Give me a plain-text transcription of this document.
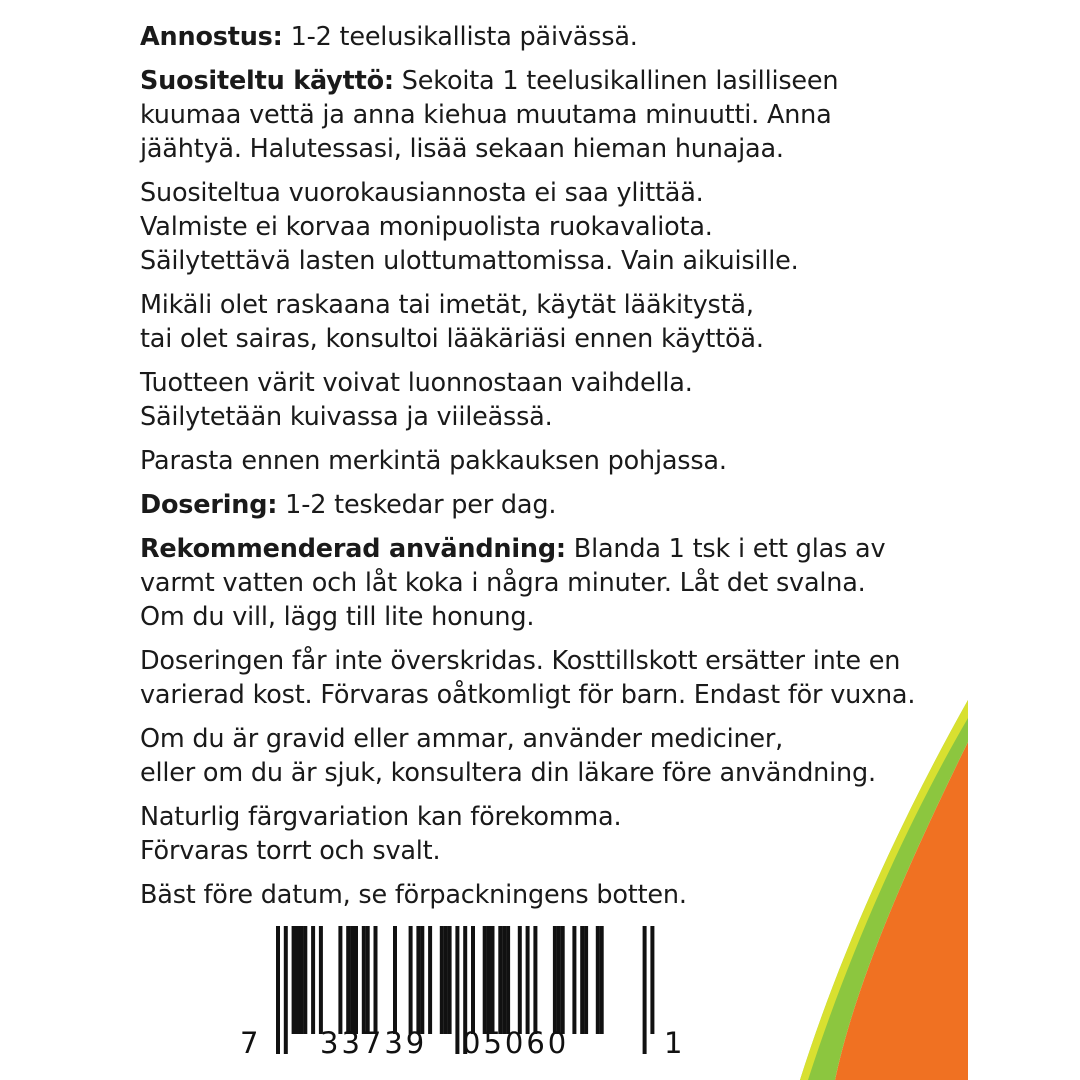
Annostus: 1-2 teelusikallista päivässä.

Suositeltu käyttö: Sekoita 1 teelusikallinen lasilliseen
kuumaa vettä ja anna kiehua muutama minuutti. Anna
jäähtyä. Halutessasi, lisää sekaan hieman hunajaa.

Suositeltua vuorokausiannosta ei saa ylittää.
Valmiste ei korvaa monipuolista ruokavaliota.
Säilytettävä lasten ulottumattomissa. Vain aikuisille.

Mikäli olet raskaana tai imetät, käytät lääkitystä,
tai olet sairas, konsultoi lääkäriäsi ennen käyttöä.

Tuotteen värit voivat luonnostaan vaihdella.
Säilytetään kuivassa ja viileässä.

Parasta ennen merkintä pakkauksen pohjassa.

Dosering: 1-2 teskedar per dag.

Rekommenderad användning: Blanda 1 tsk i ett glas av
varmt vatten och låt koka i några minuter. Låt det svalna.
Om du vill, lägg till lite honung.

Doseringen får inte överskridas. Kosttillskott ersätter inte en
varierad kost. Förvaras oåtkomligt för barn. Endast för vuxna.

Om du är gravid eller ammar, använder mediciner,
eller om du är sjuk, konsultera din läkare före användning.

Naturlig färgvariation kan förekomma.
Förvaras torrt och svalt.

Bäst före datum, se förpackningens botten.

7 33739 05060	1
